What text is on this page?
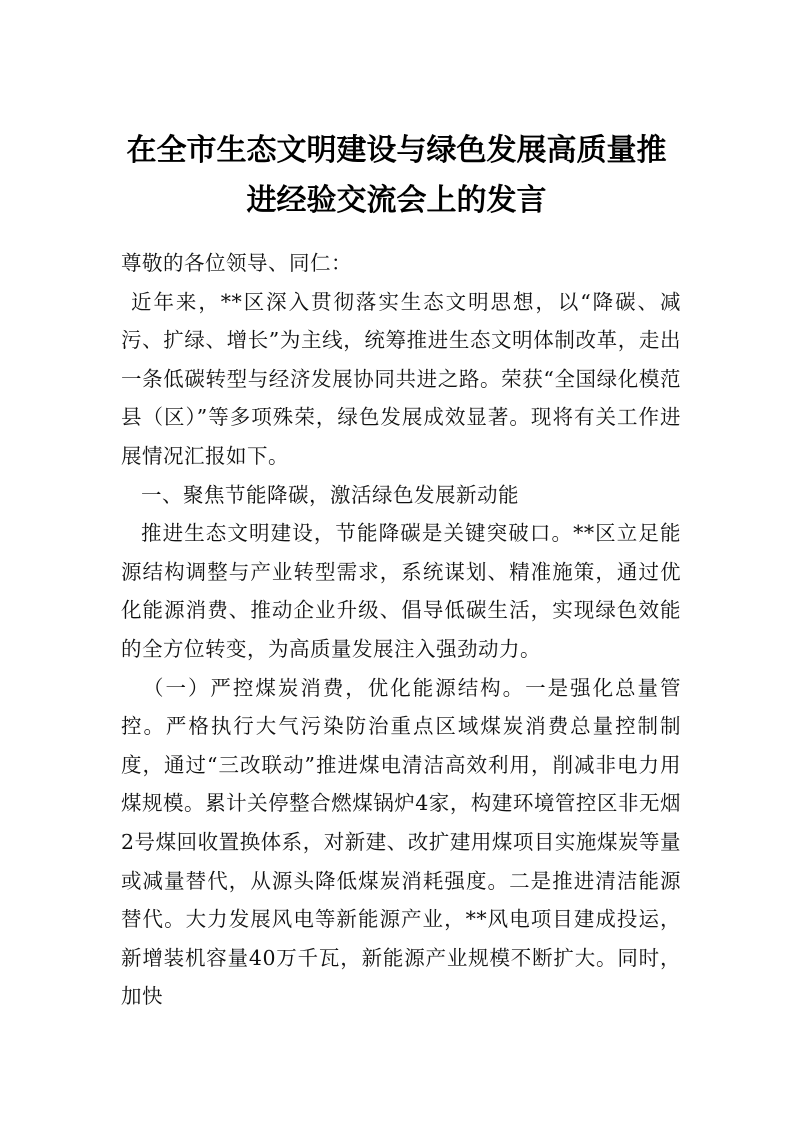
在全市生态文明建设与绿色发展高质量推
进经验交流会上的发言

尊敬的各位领导、同仁：

近年来，**区深入贯彻落实生态文明思想，以“降碳、减污、扩绿、增长”为主线，统筹推进生态文明体制改革，走出一条低碳转型与经济发展协同共进之路。荣获“全国绿化模范县（区）”等多项殊荣，绿色发展成效显著。现将有关工作进展情况汇报如下。

一、聚焦节能降碳，激活绿色发展新动能

推进生态文明建设，节能降碳是关键突破口。**区立足能源结构调整与产业转型需求，系统谋划、精准施策，通过优化能源消费、推动企业升级、倡导低碳生活，实现绿色效能的全方位转变，为高质量发展注入强劲动力。

（一）严控煤炭消费，优化能源结构。一是强化总量管控。严格执行大气污染防治重点区域煤炭消费总量控制制度，通过“三改联动”推进煤电清洁高效利用，削减非电力用煤规模。累计关停整合燃煤锅炉4家，构建环境管控区非无烟2号煤回收置换体系，对新建、改扩建用煤项目实施煤炭等量或减量替代，从源头降低煤炭消耗强度。二是推进清洁能源替代。大力发展风电等新能源产业，**风电项目建成投运，新增装机容量40万千瓦，新能源产业规模不断扩大。同时，加快
